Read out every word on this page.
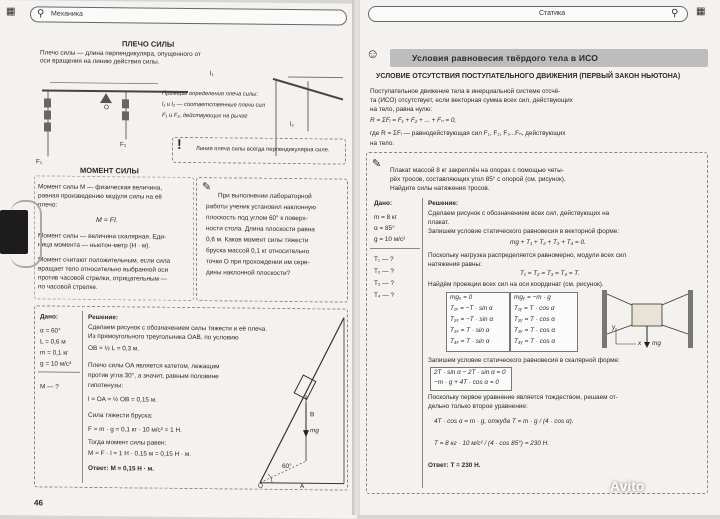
⚲ Механика
▦
ПЛЕЧО СИЛЫ
Плечо силы — длина перпендикуляра, опущенного от
оси вращения на линию действия силы.
l₁
F₁
F₂
O
l₂
Примеры определения плеча силы:
l₁ и l₂ — соответственные плечи сил
F₁ и F₂, действующих на рычаг
! Линия плеча силы всегда перпендикулярна силе.
МОМЕНТ СИЛЫ
Момент силы M — физическая величина,
равная произведению модуля силы на её
плечо:
M = Fl.
Момент силы — величина скалярная. Еди-
ница момента — ньютон-метр (Н · м).
Момент считают положительным, если сила
вращает тело относительно выбранной оси
против часовой стрелки, отрицательным —
по часовой стрелке.
✎
При выполнении лабораторной
работы ученик установил наклонную
плоскость под углом 60° к поверх-
ности стола. Длина плоскости равна
0,6 м. Каков момент силы тяжести
бруска массой 0,1 кг относительно
точки O при прохождении им сере-
дины наклонной плоскости?
Дано:
α = 60°
L = 0,6 м
m = 0,1 кг
g = 10 м/с²
M — ?
Решение:
Сделаем рисунок с обозначением силы тяжести и её плеча.
Из прямоугольного треугольника OAB, по условию
OB = ½ L = 0,3 м.
Плечо силы OA является катетом, лежащим
против угла 30°, а значит, равным половине
гипотенузы:
l = OA = ½ OB = 0,15 м.
Сила тяжести бруска:
F = m · g = 0,1 кг · 10 м/с² = 1 Н.
Тогда момент силы равен:
M = F · l = 1 Н · 0,15 м = 0,15 Н · м.
Ответ: M = 0,15 Н · м.
B
mg
60°
O	A
46
Статика	⚲ ▦
☺	Условия равновесия твёрдого тела в ИСО
УСЛОВИЕ ОТСУТСТВИЯ ПОСТУПАТЕЛЬНОГО ДВИЖЕНИЯ (ПЕРВЫЙ ЗАКОН НЬЮТОНА)
Поступательное движение тела в инерциальной системе отсчё-
та (ИСО) отсутствует, если векторная сумма всех сил, действующих
на тело, равна нулю:
R = ΣFᵢ = F₁ + F₂ + ... + Fₙ = 0,
где R = ΣFᵢ — равнодействующая сил F₁, F₂, F₃...Fₙ, действующих
на тело.
✎
Плакат массой 8 кг закреплён на опорах с помощью четы-
рёх тросов, составляющих угол 85° с опорой (см. рисунок).
Найдите силы натяжения тросов.
Дано:
m = 8 кг
α = 85°
g = 10 м/с²
T₁ — ?
T₂ — ?
T₃ — ?
T₄ — ?
Решение:
Сделаем рисунок с обозначением всех сил, действующих на
плакат.
Запишем условие статического равновесия в векторной форме:
mg + T₁ + T₂ + T₃ + T₄ = 0.
Поскольку нагрузка распределяется равномерно, модули всех сил
натяжения равны:
T₁ = T₂ = T₃ = T₄ = T.
Найдём проекции всех сил на оси координат (см. рисунок).
mgₓ = 0
T₁ₓ = −T · sin α
T₂ₓ = −T · sin α
T₃ₓ = T · sin α
T₄ₓ = T · sin α
mgᵧ = −m · g
T₁ᵧ = T · cos α
T₂ᵧ = T · cos α
T₃ᵧ = T · cos α
T₄ᵧ = T · cos α	mg
x
y
Запишем условие статического равновесия в скалярной форме:
2T · sin α − 2T · sin α = 0
−m · g + 4T · cos α = 0
Поскольку первое уравнение является тождеством, решаем от-
дельно только второе уравнение:
4T · cos α = m · g, откуда T = m · g / (4 · cos α).
T = 8 кг · 10 м/с² / (4 · cos 85°) = 230 Н.
Ответ: T = 230 Н.
Avito
